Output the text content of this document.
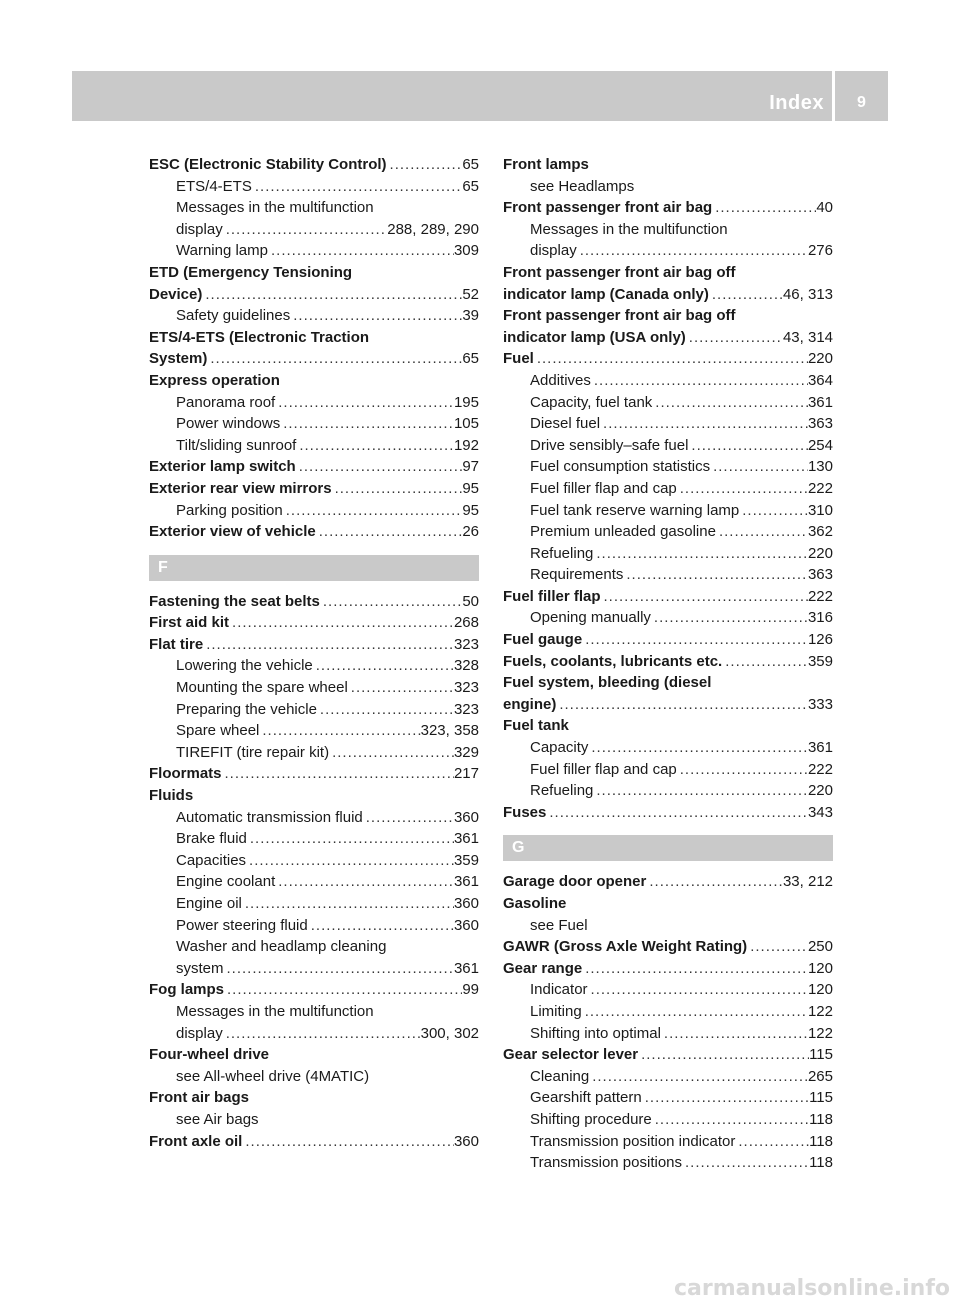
Index	9
ESC (Electronic Stability Control) .....	65
ETS/4-ETS .....	65
Messages in the multifunction
display .....	288, 289, 290
Warning lamp .....	309
ETD (Emergency Tensioning
Device) .....	52
Safety guidelines .....	39
ETS/4-ETS (Electronic Traction
System) .....	65
Express operation
Panorama roof .....	195
Power windows .....	105
Tilt/sliding sunroof .....	192
Exterior lamp switch .....	97
Exterior rear view mirrors .....	95
Parking position .....	95
Exterior view of vehicle .....	26
F
Fastening the seat belts .....	50
First aid kit .....	268
Flat tire .....	323
Lowering the vehicle .....	328
Mounting the spare wheel .....	323
Preparing the vehicle .....	323
Spare wheel .....	323, 358
TIREFIT (tire repair kit) .....	329
Floormats .....	217
Fluids
Automatic transmission fluid .....	360
Brake fluid .....	361
Capacities .....	359
Engine coolant .....	361
Engine oil .....	360
Power steering fluid .....	360
Washer and headlamp cleaning
system .....	361
Fog lamps .....	99
Messages in the multifunction
display .....	300, 302
Four-wheel drive
see All-wheel drive (4MATIC)
Front air bags
see Air bags
Front axle oil .....	360
Front lamps
see Headlamps
Front passenger front air bag .....	40
Messages in the multifunction
display .....	276
Front passenger front air bag off
indicator lamp (Canada only) .....	46, 313
Front passenger front air bag off
indicator lamp (USA only) .....	43, 314
Fuel .....	220
Additives .....	364
Capacity, fuel tank .....	361
Diesel fuel .....	363
Drive sensibly–safe fuel .....	254
Fuel consumption statistics .....	130
Fuel filler flap and cap .....	222
Fuel tank reserve warning lamp .....	310
Premium unleaded gasoline .....	362
Refueling .....	220
Requirements .....	363
Fuel filler flap .....	222
Opening manually .....	316
Fuel gauge .....	126
Fuels, coolants, lubricants etc. .....	359
Fuel system, bleeding (diesel
engine) .....	333
Fuel tank
Capacity .....	361
Fuel filler flap and cap .....	222
Refueling .....	220
Fuses .....	343
G
Garage door opener .....	33, 212
Gasoline
see Fuel
GAWR (Gross Axle Weight Rating) .....	250
Gear range .....	120
Indicator .....	120
Limiting .....	122
Shifting into optimal .....	122
Gear selector lever .....	115
Cleaning .....	265
Gearshift pattern .....	115
Shifting procedure .....	118
Transmission position indicator .....	118
Transmission positions .....	118
carmanualsonline.info
